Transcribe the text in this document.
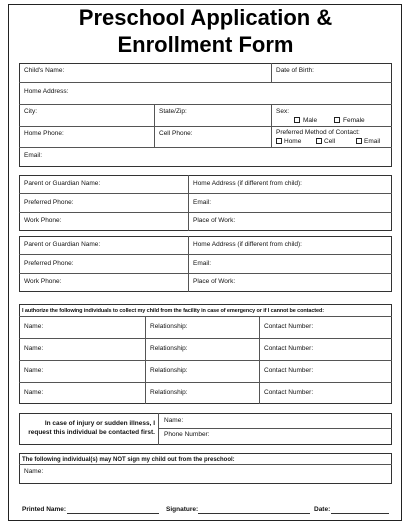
Preschool Application &
Enrollment Form
Child's Name:	Date of Birth:
Home Address:
City:	State/Zip:	Sex:
Male	Female
Home Phone:	Cell Phone:	Preferred Method of Contact:
Home	Cell	Email
Email:
Parent or Guardian Name:	Home Address (if different from child):
Preferred Phone:	Email:
Work Phone:	Place of Work:
Parent or Guardian Name:	Home Address (if different from child):
Preferred Phone:	Email:
Work Phone:	Place of Work:
I authorize the following individuals to collect my child from the facility in case of emergency or if I cannot be contacted:
Name:	Relationship:	Contact Number:
Name:	Relationship:	Contact Number:
Name:	Relationship:	Contact Number:
Name:	Relationship:	Contact Number:
In case of injury or sudden illness, I
request this individual be contacted first.
Name:
Phone Number:
The following individual(s) may NOT sign my child out from the preschool:
Name:
Printed Name:	Signature:	Date:
